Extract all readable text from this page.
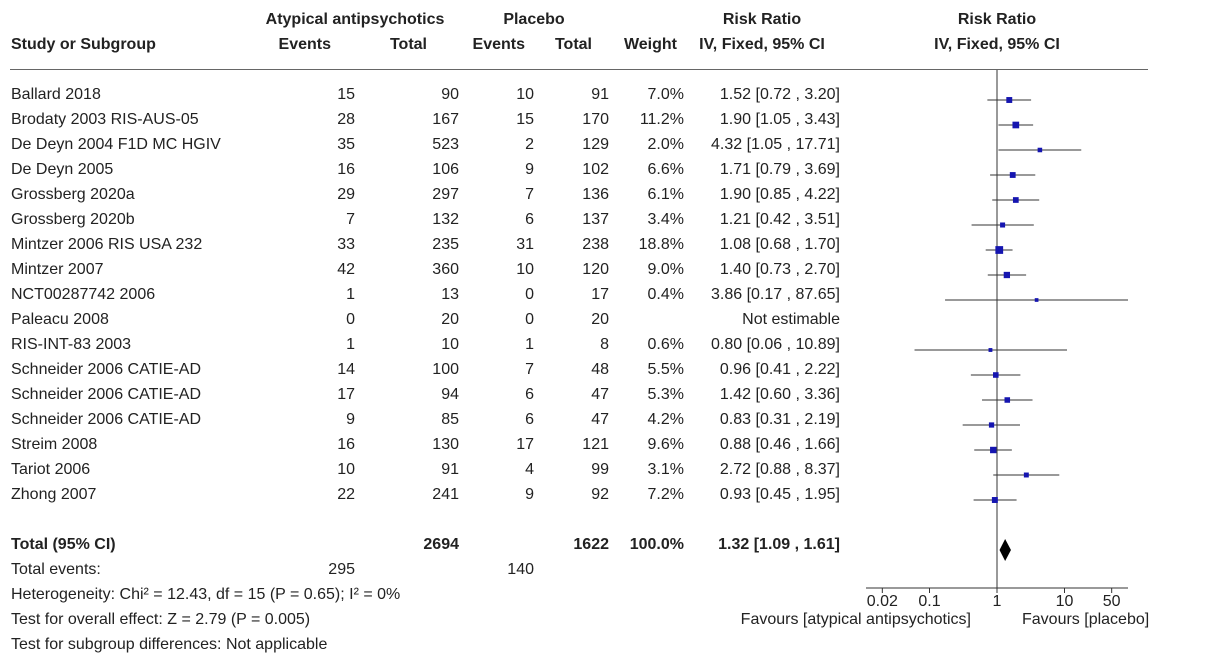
0.02 0.1	1	10 50
Atypical antipsychotics	Placebo	Risk Ratio	Risk Ratio
Study or Subgroup	Events	Total	Events Total Weight	IV, Fixed, 95% CI	IV, Fixed, 95% CI
Ballard 2018	15	90	10	91 7.0% 1.52 [0.72 , 3.20]
Brodaty 2003 RIS-AUS-05	28	167	15	170 11.2% 1.90 [1.05 , 3.43]
De Deyn 2004 F1D MC HGIV	35	523	2	129 2.0% 4.32 [1.05 , 17.71]
De Deyn 2005	16	106	9	102 6.6% 1.71 [0.79 , 3.69]
Grossberg 2020a	29	297	7	136 6.1% 1.90 [0.85 , 4.22]
Grossberg 2020b	7	132	6	137 3.4% 1.21 [0.42 , 3.51]
Mintzer 2006 RIS USA 232	33	235	31	238 18.8% 1.08 [0.68 , 1.70]
Mintzer 2007	42	360	10	120 9.0% 1.40 [0.73 , 2.70]
NCT00287742 2006	1	13	0	17 0.4% 3.86 [0.17 , 87.65]
Paleacu 2008	0	20	0	20	Not estimable
RIS-INT-83 2003	1	10	1	8 0.6% 0.80 [0.06 , 10.89]
Schneider 2006 CATIE-AD	14	100	7	48 5.5% 0.96 [0.41 , 2.22]
Schneider 2006 CATIE-AD	17	94	6	47 5.3% 1.42 [0.60 , 3.36]
Schneider 2006 CATIE-AD	9	85	6	47 4.2% 0.83 [0.31 , 2.19]
Streim 2008	16	130	17	121 9.6% 0.88 [0.46 , 1.66]
Tariot 2006	10	91	4	99 3.1% 2.72 [0.88 , 8.37]
Zhong 2007	22	241	9	92 7.2% 0.93 [0.45 , 1.95]
Total (95% CI)	2694	1622 100.0% 1.32 [1.09 , 1.61]
Total events:	295	140
Heterogeneity: Chi² = 12.43, df = 15 (P = 0.65); I² = 0%
Test for overall effect: Z = 2.79 (P = 0.005)
Test for subgroup differences: Not applicable
Favours [atypical antipsychotics]	Favours [placebo]
